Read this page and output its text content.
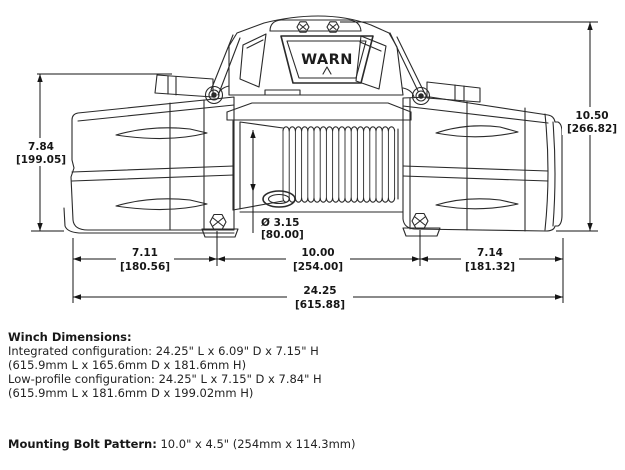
WARN
7.84
[199.05]
10.50
[266.82]
Ø 3.15
[80.00]
7.11
[180.56]
10.00
[254.00]
7.14
[181.32]
24.25
[615.88]
Winch Dimensions:
Integrated configuration: 24.25" L x 6.09" D x 7.15" H
(615.9mm L x 165.6mm D x 181.6mm H)
Low-profile configuration: 24.25" L x 7.15" D x 7.84" H
(615.9mm L x 181.6mm D x 199.02mm H)
Mounting Bolt Pattern: 10.0" x 4.5" (254mm x 114.3mm)
